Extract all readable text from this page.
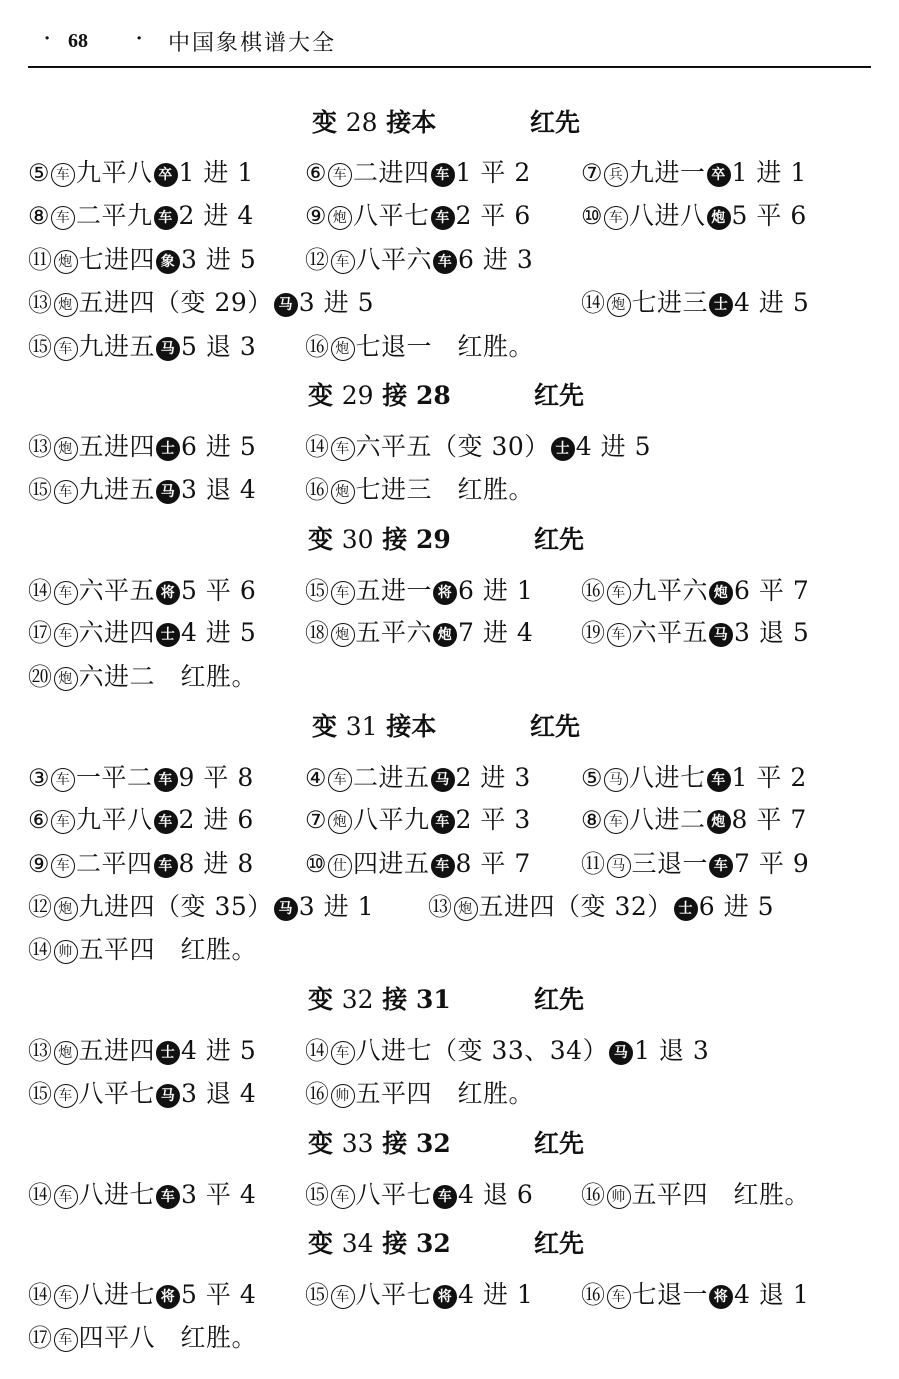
· 68	· 中国象棋谱大全
变 28 接本	红先
⑤ 车 九平八 卒 1 进 1 ⑥ 车 二进四 车 1 平 2 ⑦ 兵 九进一 卒 1 进 1
⑧ 车 二平九 车 2 进 4 ⑨ 炮 八平七 车 2 平 6 ⑩ 车 八进八 炮 5 平 6
⑪ 炮 七进四 象 3 进 5 ⑫ 车 八平六 车 6 进 3
⑬ 炮 五进四（变 29） 马 3 进 5	⑭ 炮 七进三 士 4 进 5
⑮ 车 九进五 马 5 退 3 ⑯ 炮 七退一　红胜。
变 29 接 28	红先
⑬ 炮 五进四 士 6 进 5 ⑭ 车 六平五（变 30） 士 4 进 5
⑮ 车 九进五 马 3 退 4 ⑯ 炮 七进三　红胜。
变 30 接 29	红先
⑭ 车 六平五 将 5 平 6 ⑮ 车 五进一 将 6 进 1 ⑯ 车 九平六 炮 6 平 7
⑰ 车 六进四 士 4 进 5 ⑱ 炮 五平六 炮 7 进 4 ⑲ 车 六平五 马 3 退 5
⑳ 炮 六进二　红胜。
变 31 接本	红先
③ 车 一平二 车 9 平 8 ④ 车 二进五 马 2 进 3 ⑤ 马 八进七 车 1 平 2
⑥ 车 九平八 车 2 进 6 ⑦ 炮 八平九 车 2 平 3 ⑧ 车 八进二 炮 8 平 7
⑨ 车 二平四 车 8 进 8 ⑩ 仕 四进五 车 8 平 7 ⑪ 马 三退一 车 7 平 9
⑫ 炮 九进四（变 35） 马 3 进 1 ⑬ 炮 五进四（变 32） 士 6 进 5
⑭ 帅 五平四　红胜。
变 32 接 31	红先
⑬ 炮 五进四 士 4 进 5 ⑭ 车 八进七（变 33、34） 马 1 退 3
⑮ 车 八平七 马 3 退 4 ⑯ 帅 五平四　红胜。
变 33 接 32	红先
⑭ 车 八进七 车 3 平 4 ⑮ 车 八平七 车 4 退 6 ⑯ 帅 五平四　红胜。
变 34 接 32	红先
⑭ 车 八进七 将 5 平 4 ⑮ 车 八平七 将 4 进 1 ⑯ 车 七退一 将 4 退 1
⑰ 车 四平八　红胜。
